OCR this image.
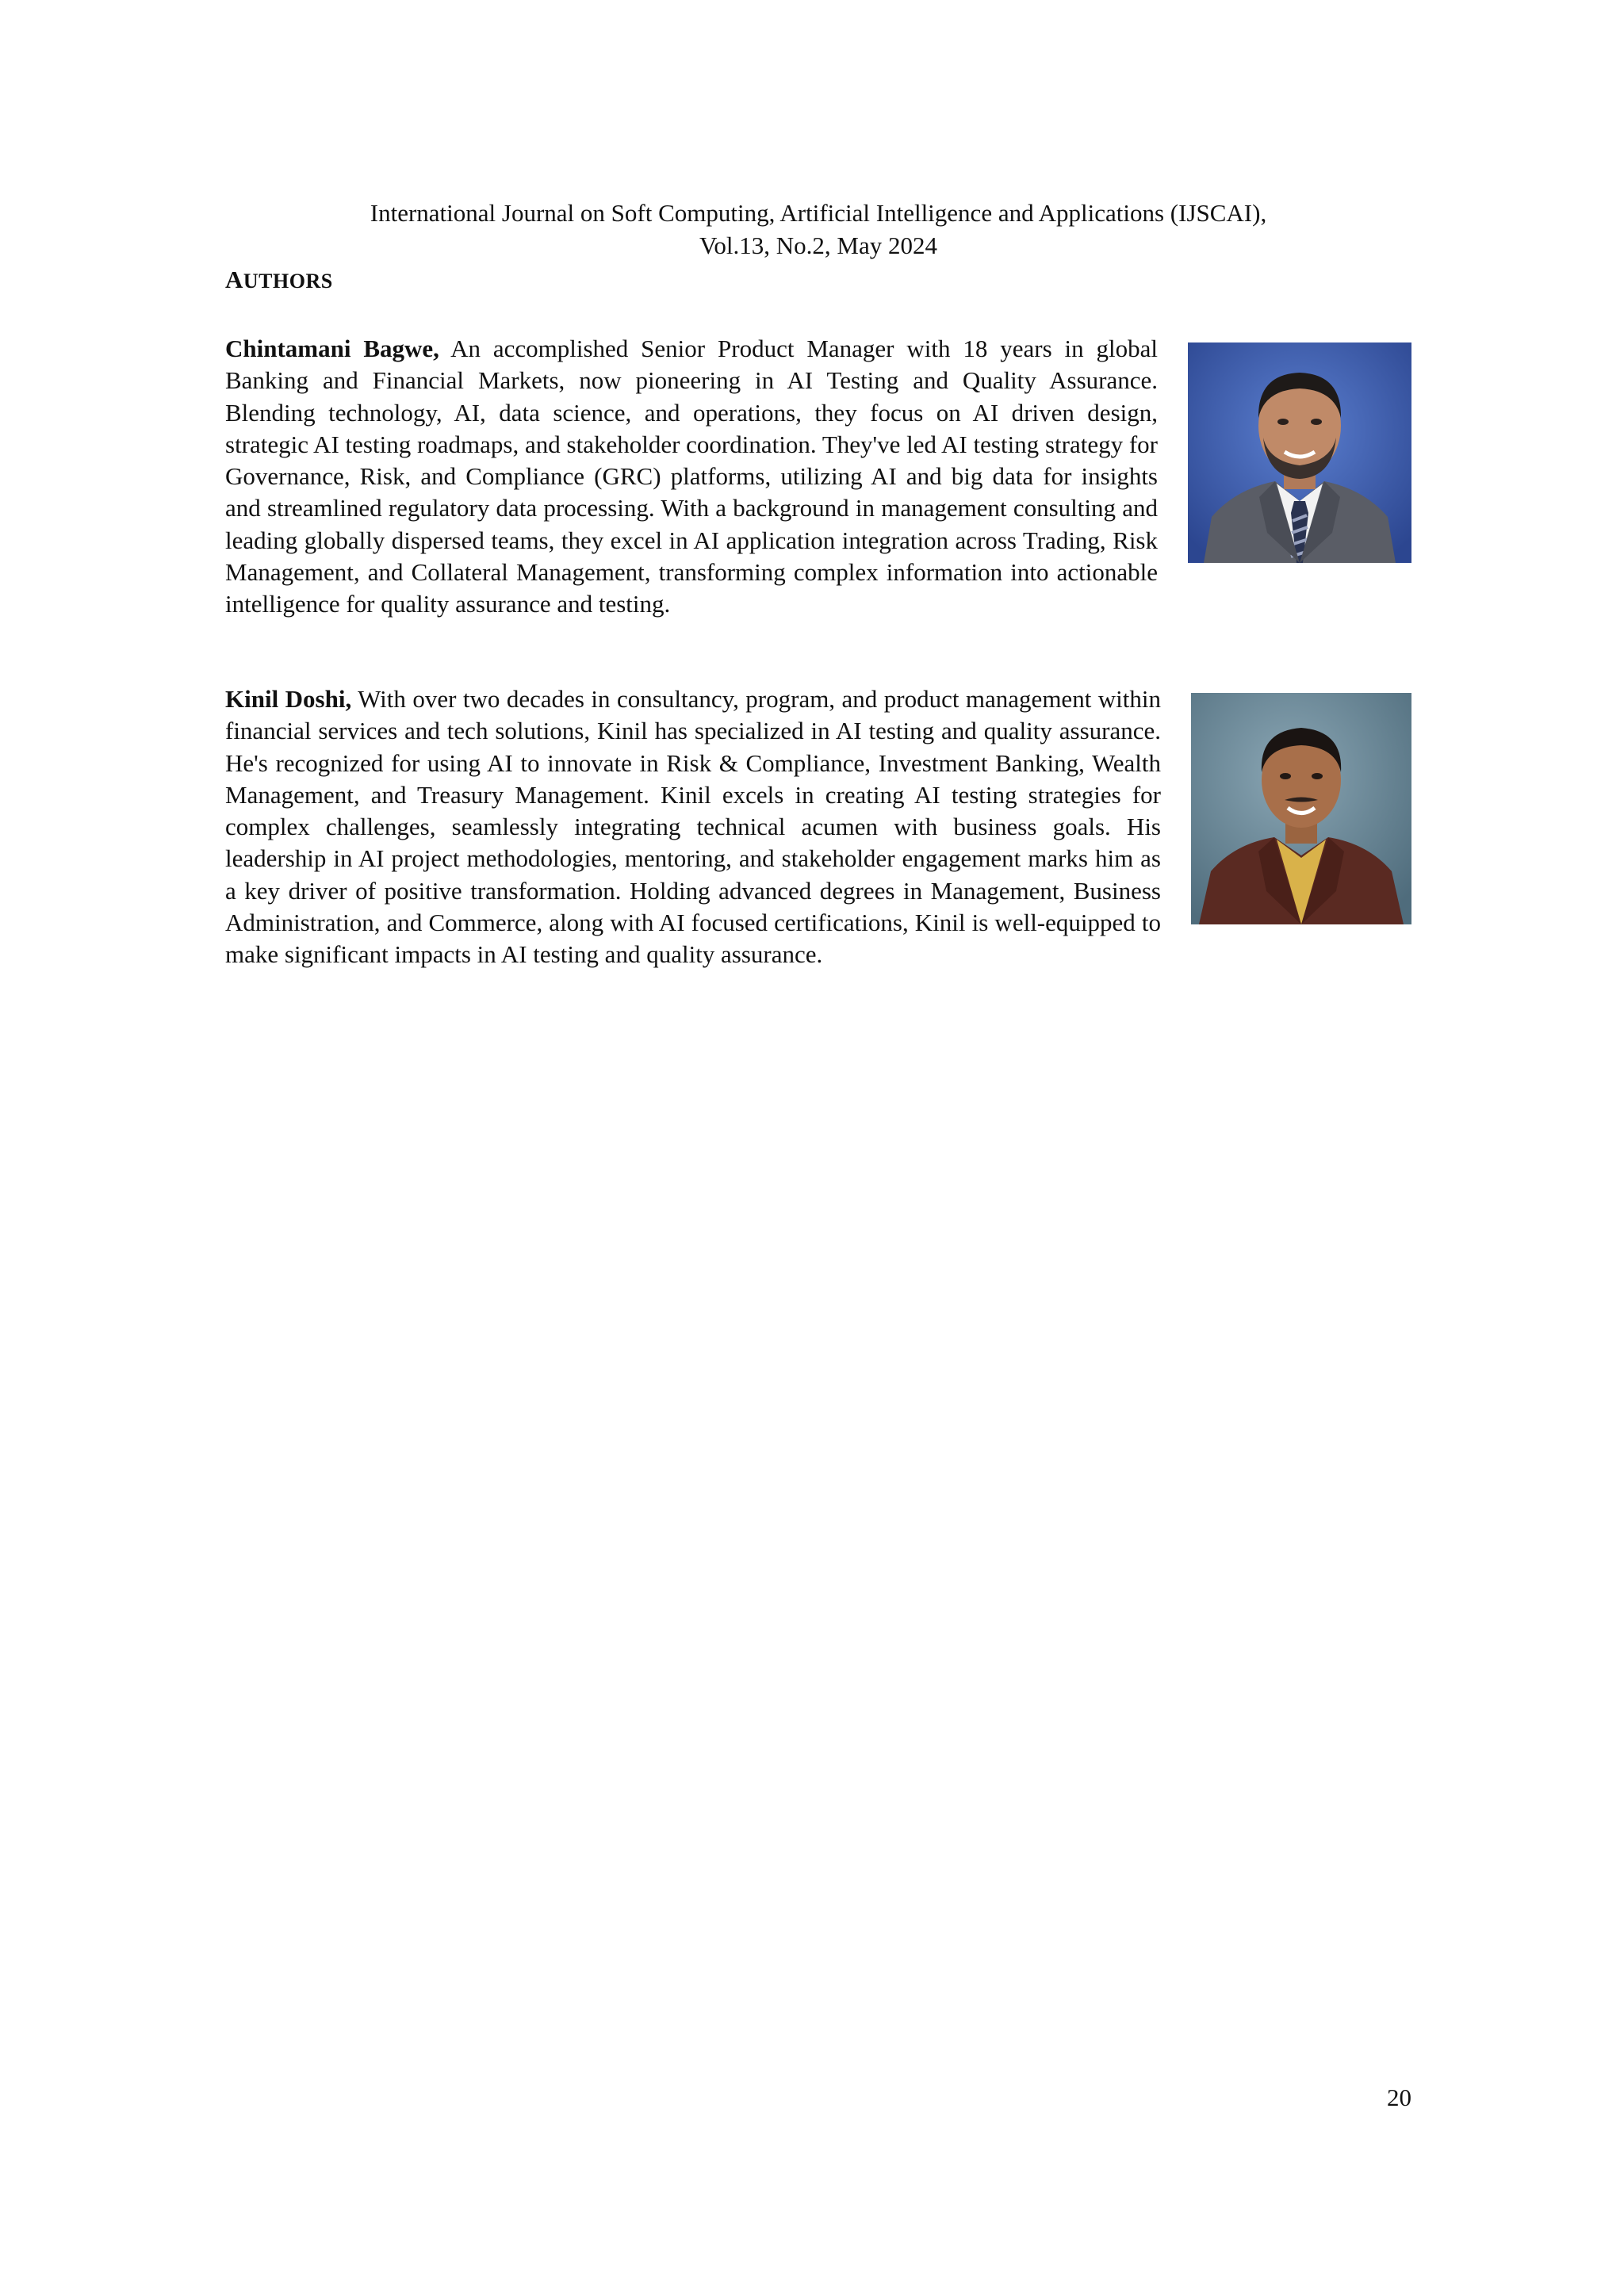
International Journal on Soft Computing, Artificial Intelligence and Applications (IJSCAI),
Vol.13, No.2, May 2024
AUTHORS

Chintamani Bagwe, An accomplished Senior Product Manager with 18 years in global Banking and Financial Markets, now pioneering in AI Testing and Quality Assurance. Blending technology, AI, data science, and operations, they focus on AI driven design, strategic AI testing roadmaps, and stakeholder coordination. They've led AI testing strategy for Governance, Risk, and Compliance (GRC) platforms, utilizing AI and big data for insights and streamlined regulatory data processing. With a background in management consulting and leading globally dispersed teams, they excel in AI application integration across Trading, Risk Management, and Collateral Management, transforming complex information into actionable intelligence for quality assurance and testing.

Kinil Doshi, With over two decades in consultancy, program, and product management within financial services and tech solutions, Kinil has specialized in AI testing and quality assurance. He's recognized for using AI to innovate in Risk & Compliance, Investment Banking, Wealth Management, and Treasury Management. Kinil excels in creating AI testing strategies for complex challenges, seamlessly integrating technical acumen with business goals. His leadership in AI project methodologies, mentoring, and stakeholder engagement marks him as a key driver of positive transformation. Holding advanced degrees in Management, Business Administration, and Commerce, along with AI focused certifications, Kinil is well-equipped to make significant impacts in AI testing and quality assurance.

20
